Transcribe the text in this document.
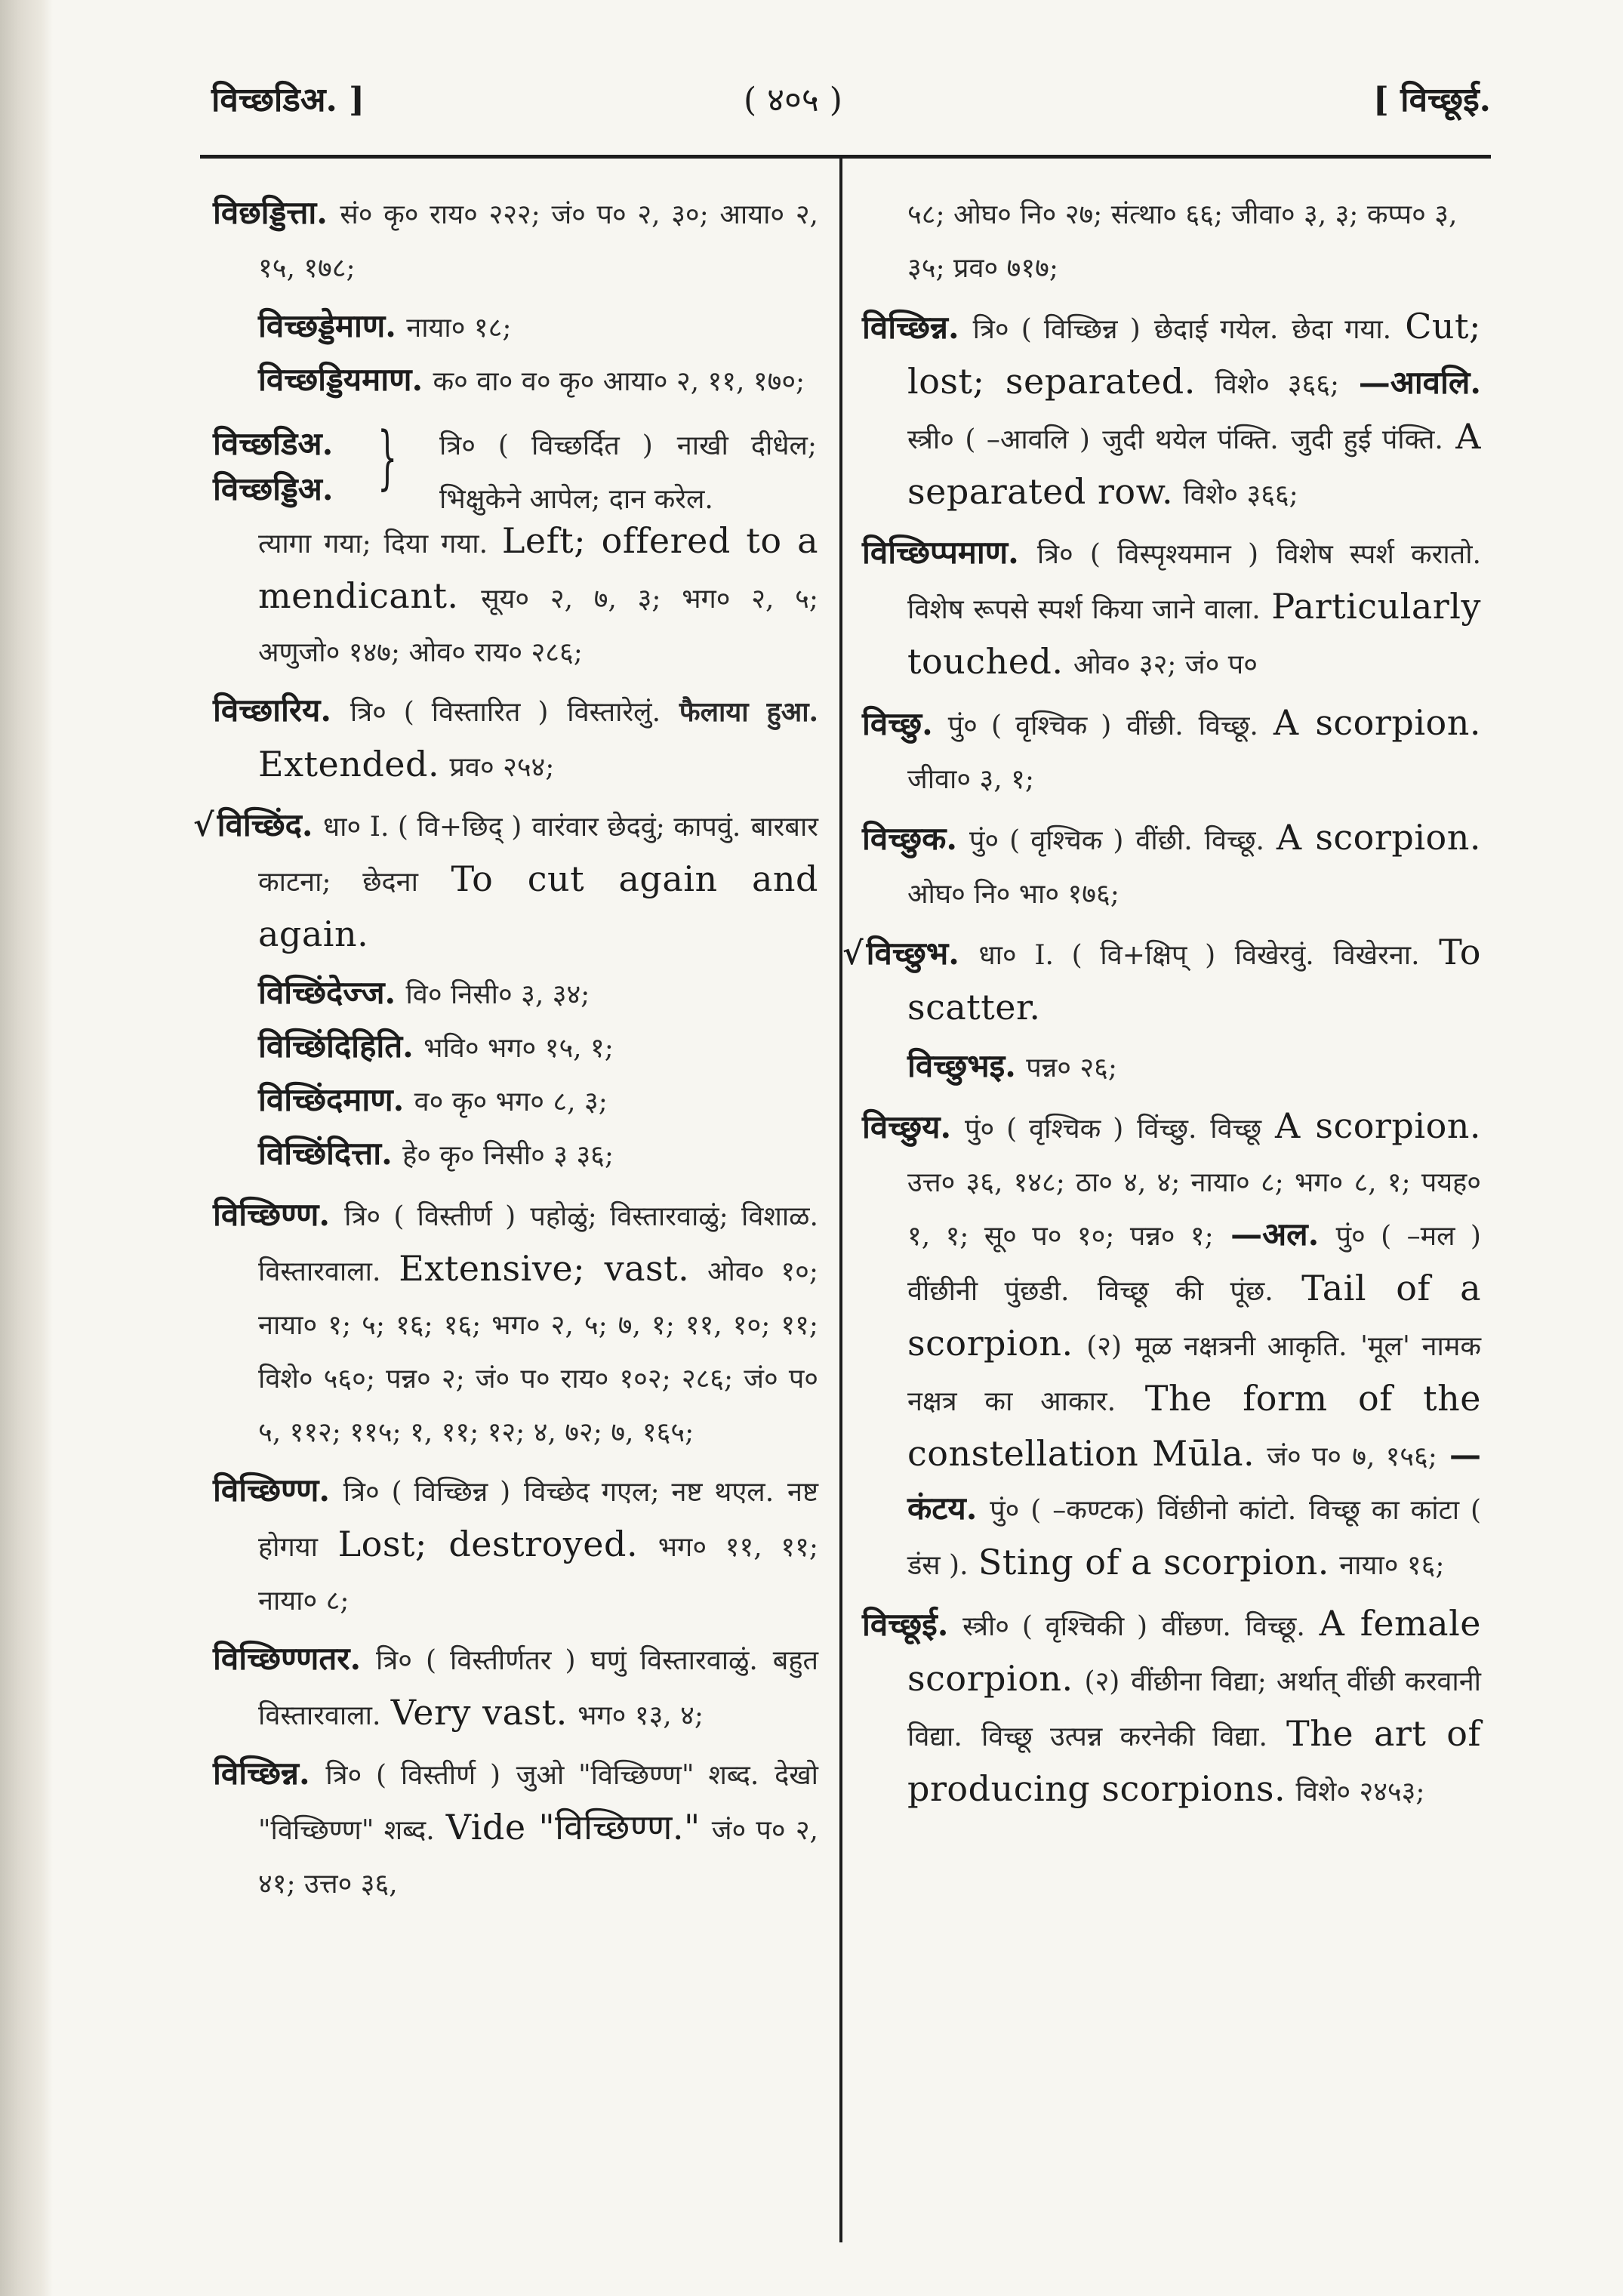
विच्छडिअ. ]	( ४०५ )	[ विच्छूई.
विछड्डित्ता. सं० कृ० राय० २२२; जं० प० २, ३०; आया० २, १५, १७८;
विच्छड्डेमाण. नाया० १८;
विच्छड्डियमाण. क० वा० व० कृ० आया० २, ११, १७०;
विच्छडिअ.
विच्छड्डिअ. } त्रि० ( विच्छर्दित ) नाखी दीधेल; भिक्षुकेने आपेल; दान करेल.
त्यागा गया; दिया गया. Left; offered to a mendicant. सूय० २, ७, ३; भग० २, ५; अणुजो० १४७; ओव० राय० २८६;
विच्छारिय. त्रि० ( विस्तारित ) विस्तारेलुं. फैलाया हुआ. Extended. प्रव० २५४;
√विच्छिंद. धा० I. ( वि+छिद् ) वारंवार छेदवुं; कापवुं. बारबार काटना; छेदना To cut again and again.
विच्छिंदेज्ज. वि० निसी० ३, ३४;
विच्छिंदिहिति. भवि० भग० १५, १;
विच्छिंदमाण. व० कृ० भग० ८, ३;
विच्छिंदित्ता. हे० कृ० निसी० ३ ३६;
विच्छिण्ण. त्रि० ( विस्तीर्ण ) पहोळुं; विस्तारवाळुं; विशाळ. विस्तारवाला. Extensive; vast. ओव० १०; नाया० १; ५; १६; १६; भग० २, ५; ७, १; ११, १०; ११; विशे० ५६०; पन्न० २; जं० प० राय० १०२; २८६; जं० प० ५, ११२; ११५; १, ११; १२; ४, ७२; ७, १६५;
विच्छिण्ण. त्रि० ( विच्छिन्न ) विच्छेद गएल; नष्ट थएल. नष्ट होगया Lost; destroyed. भग० ११, ११; नाया० ८;
विच्छिण्णतर. त्रि० ( विस्तीर्णतर ) घणुं विस्तारवाळुं. बहुत विस्तारवाला. Very vast. भग० १३, ४;
विच्छिन्न. त्रि० ( विस्तीर्ण ) जुओ "विच्छिण्ण" शब्द. देखो "विच्छिण्ण" शब्द. Vide "विच्छिण्ण." जं० प० २, ४१; उत्त० ३६,
५८; ओघ० नि० २७; संत्था० ६६; जीवा० ३, ३; कप्प० ३, ३५; प्रव० ७१७;
विच्छिन्न. त्रि० ( विच्छिन्न ) छेदाई गयेल. छेदा गया. Cut; lost; separated. विशे० ३६६; —आवलि. स्त्री० ( –आवलि ) जुदी थयेल पंक्ति. जुदी हुई पंक्ति. A separated row. विशे० ३६६;
विच्छिप्पमाण. त्रि० ( विस्पृश्यमान ) विशेष स्पर्श करातो. विशेष रूपसे स्पर्श किया जाने वाला. Particularly touched. ओव० ३२; जं० प०
विच्छु. पुं० ( वृश्चिक ) वींछी. विच्छू. A scorpion. जीवा० ३, १;
विच्छुक. पुं० ( वृश्चिक ) वींछी. विच्छू. A scorpion. ओघ० नि० भा० १७६;
√विच्छुभ. धा० I. ( वि+क्षिप् ) विखेरवुं. विखेरना. To scatter.
विच्छुभइ. पन्न० २६;
विच्छुय. पुं० ( वृश्चिक ) विंच्छु. विच्छू A scorpion. उत्त० ३६, १४८; ठा० ४, ४; नाया० ८; भग० ८, १; पयह० १, १; सू० प० १०; पन्न० १; —अल. पुं० ( –मल ) वींछीनी पुंछडी. विच्छू की पूंछ. Tail of a scorpion. (२) मूळ नक्षत्रनी आकृति. 'मूल' नामक नक्षत्र का आकार. The form of the constellation Mūla. जं० प० ७, १५६; —कंटय. पुं० ( –कण्टक) विंछीनो कांटो. विच्छू का कांटा ( डंस ). Sting of a scorpion. नाया० १६;
विच्छूई. स्त्री० ( वृश्चिकी ) वींछण. विच्छू. A female scorpion. (२) वींछीना विद्या; अर्थात् वींछी करवानी विद्या. विच्छू उत्पन्न करनेकी विद्या. The art of producing scorpions. विशे० २४५३;
